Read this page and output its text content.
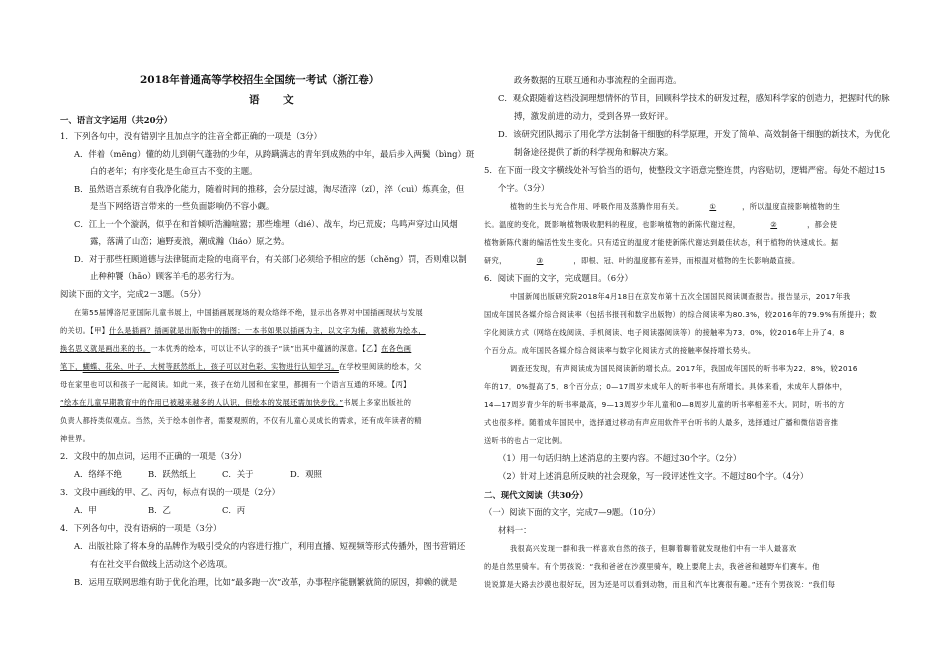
2018年普通高等学校招生全国统一考试（浙江卷）
语 文
一、语言文字运用（共20分）
1．下列各句中，没有错别字且加点字的注音全都正确的一项是（3分）
A．伴着（mēng）懂的幼儿到朝气蓬勃的少年，从跨蹒满志的青年到成熟的中年，最后步入两鬓（bìng）斑
白的老年；有序变化是生命亘古不变的主题。
B．虽然语言系统有自我净化能力，随着时间的推移，会分层过滤，淘尽渣滓（zǐ），淬（cuì）炼真金，但
是当下网络语言带来的一些负面影响仍不容小觑。
C．江上一个个漩涡，似乎在和首倾听浩瀚喧嚣；那些堆埋（dié）、战车，均已荒废；鸟鸣声穿过山风烟
露，落满了山峦；遍野麦浪，潮成瀚（liáo）原之势。
D．对于那些枉顾道德与法律铤而走险的电商平台，有关部门必须给予相应的惩（chěng）罚，否则难以制
止种种饕（hāo）顾客羊毛的恶劣行为。
阅读下面的文字，完成2－3题。（5分）
在第55届博洛尼亚国际儿童书展上，中国插画展现场的观众络绎不绝，显示出各界对中国插画现状与发展
的关切。【甲】什么是插画？插画就是出版物中的插图；一本书如果以插画为主，以文字为辅，就被称为绘本，
换名思义就是画出来的书。一本优秀的绘本，可以让不认字的孩子“读”出其中蕴涵的深意。【乙】在各色画
笔下，蝴蝶、花朵、叶子、大树等跃然纸上，孩子可以对色彩、实物进行认知学习。在学校里阅读的绘本，父
母在家里也可以和孩子一起阅读。如此一来，孩子在幼儿园和在家里，都拥有一个语言互通的环境。【丙】
“绘本在儿童早期教育中的作用已被越来越多的人认识，但绘本的发展还需加快步伐。”书展上多家出版社的
负责人都持类似观点。当然，关于绘本创作者，需要观照的，不仅有儿童心灵成长的需求，还有成年读者的精
神世界。
2．文段中的加点词，运用不正确的一项是（3分）
A．络绎不绝	B．跃然纸上	C．关于	D．观照
3．文段中画线的甲、乙、丙句，标点有误的一项是（2分）
A．甲	B．乙	C．丙
4．下列各句中，没有语病的一项是（3分）
A．出版社除了将本身的品牌作为吸引受众的内容进行推广，利用直播、短视频等形式传播外，图书营销还
有在社交平台做线上活动这个必选项。
B．运用互联网思维有助于优化治理，比如“最多跑一次”改革，办事程序能删繁就简的原因，抑赖的就是
政务数据的互联互通和办事流程的全面再造。
C．观众跟随着这档没洞理想情怀的节目，回顾科学技术的研发过程，感知科学家的创造力，把握时代的脉
搏，激发前进的动力，受到各界一致好评。
D．该研究团队揭示了用化学方法制备干细胞的科学原理，开发了简单、高效制备干细胞的新技术，为优化
制备途径提供了新的科学视角和解决方案。
5．在下面一段文字横线处补写恰当的语句，使整段文字语意完整连贯，内容贴切，逻辑严密。每处不超过15
个字。（3分）
植物的生长与光合作用、呼吸作用及蒸腾作用有关。	①	，所以温度直接影响植物的生
长。温度的变化，既影响植物吸收肥料的程度，也影响植物的新陈代谢过程，	②	，都会使
植物新陈代谢的编活性发生变化。只有适宜的温度才能使新陈代谢达到最佳状态，利于植物的快速成长。据
研究，	③	，即根、冠、叶的温度都有差异，而根温对植物的生长影响最直接。
6．阅读下面的文字，完成题目。（6分）
中国新闻出版研究院2018年4月18日在京发布第十五次全国国民阅读调查报告。报告显示，2017年我
国成年国民各媒介综合阅读率（包括书报刊和数字出版物）的综合阅读率为80.3%，较2016年的79.9%有所提升；数
字化阅读方式（网络在线阅读、手机阅读、电子阅读器阅读等）的接触率为73．0%，较2016年上升了4．8
个百分点。成年国民各媒介综合阅读率与数字化阅读方式的接触率保持增长势头。
调查还发现，有声阅读成为国民阅读新的增长点。2017年，我国成年国民的听书率为22．8%，较2016
年的17．0%提高了5．8个百分点；0—17周岁未成年人的听书率也有所增长。具体来看，未成年人群体中，
14—17周岁青少年的听书率最高，9—13周岁少年儿童和0—8周岁儿童的听书率相差不大。同时，听书的方
式也很多样。随着成年国民中，选择通过移动有声应用软件平台听书的人最多，选择通过广播和微信语音推
送听书的也占一定比例。
（1）用一句话归纳上述消息的主要内容。不超过30个字。（2分）
（2）针对上述消息所反映的社会现象，写一段评述性文字。不超过80个字。（4分）
二、现代文阅读（共30分）
（一）阅读下面的文字，完成7—9题。（10分）
材料一：
我很高兴发现一群和我一样喜欢自然的孩子，但聊着聊着就发现他们中有一半人最喜欢
的是自然里骑车。有个男孩说：“我和爸爸在沙漠里骑车，晚上要爬上去，我爸爸和越野车们赛车。他
说说算是大路去沙漠也很好玩，因为还是可以看到动物，而且和汽车比赛很有趣。”还有个男孩说：“我们每
